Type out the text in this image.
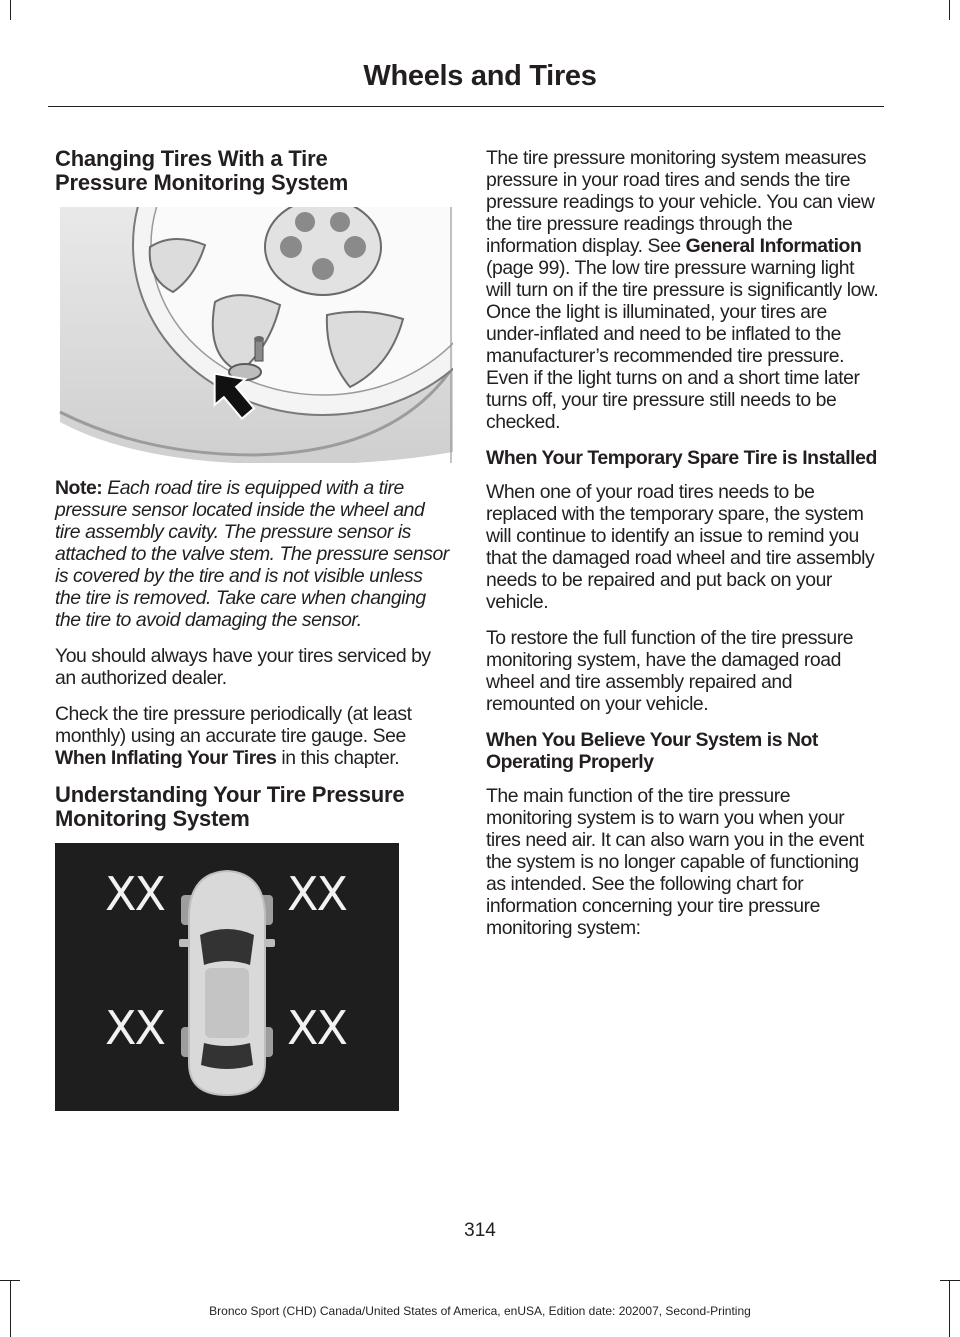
Wheels and Tires
Changing Tires With a Tire Pressure Monitoring System

Note: Each road tire is equipped with a tire pressure sensor located inside the wheel and tire assembly cavity. The pressure sensor is attached to the valve stem. The pressure sensor is covered by the tire and is not visible unless the tire is removed. Take care when changing the tire to avoid damaging the sensor.

You should always have your tires serviced by an authorized dealer.

Check the tire pressure periodically (at least monthly) using an accurate tire gauge. See When Inflating Your Tires in this chapter.

Understanding Your Tire Pressure Monitoring System
XX	XX
XX	XX

The tire pressure monitoring system measures pressure in your road tires and sends the tire pressure readings to your vehicle. You can view the tire pressure readings through the information display. See General Information (page 99). The low tire pressure warning light will turn on if the tire pressure is significantly low. Once the light is illuminated, your tires are under-inflated and need to be inflated to the manufacturer’s recommended tire pressure. Even if the light turns on and a short time later turns off, your tire pressure still needs to be checked.

When Your Temporary Spare Tire is Installed

When one of your road tires needs to be replaced with the temporary spare, the system will continue to identify an issue to remind you that the damaged road wheel and tire assembly needs to be repaired and put back on your vehicle.

To restore the full function of the tire pressure monitoring system, have the damaged road wheel and tire assembly repaired and remounted on your vehicle.

When You Believe Your System is Not Operating Properly

The main function of the tire pressure monitoring system is to warn you when your tires need air. It can also warn you in the event the system is no longer capable of functioning as intended. See the following chart for information concerning your tire pressure monitoring system:

314
Bronco Sport (CHD) Canada/United States of America, enUSA, Edition date: 202007, Second-Printing
